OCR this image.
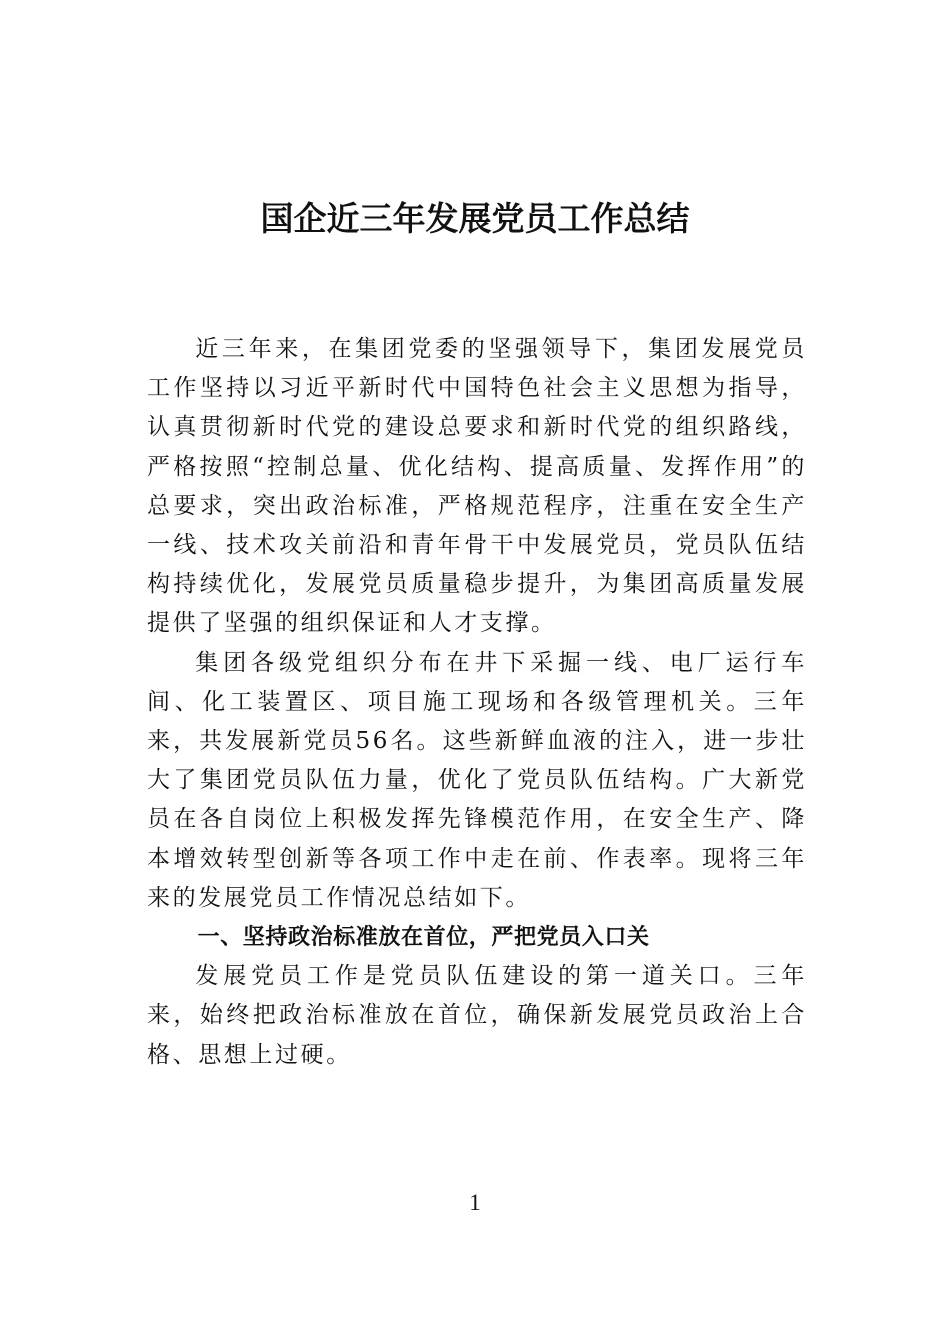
国企近三年发展党员工作总结

近三年来，在集团党委的坚强领导下，集团发展党员工作坚持以习近平新时代中国特色社会主义思想为指导，认真贯彻新时代党的建设总要求和新时代党的组织路线，严格按照“控制总量、优化结构、提高质量、发挥作用”的总要求，突出政治标准，严格规范程序，注重在安全生产一线、技术攻关前沿和青年骨干中发展党员，党员队伍结构持续优化，发展党员质量稳步提升，为集团高质量发展提供了坚强的组织保证和人才支撑。

集团各级党组织分布在井下采掘一线、电厂运行车间、化工装置区、项目施工现场和各级管理机关。三年来，共发展新党员56名。这些新鲜血液的注入，进一步壮大了集团党员队伍力量，优化了党员队伍结构。广大新党员在各自岗位上积极发挥先锋模范作用，在安全生产、降本增效转型创新等各项工作中走在前、作表率。现将三年来的发展党员工作情况总结如下。

一、坚持政治标准放在首位，严把党员入口关

发展党员工作是党员队伍建设的第一道关口。三年来，始终把政治标准放在首位，确保新发展党员政治上合格、思想上过硬。

1
